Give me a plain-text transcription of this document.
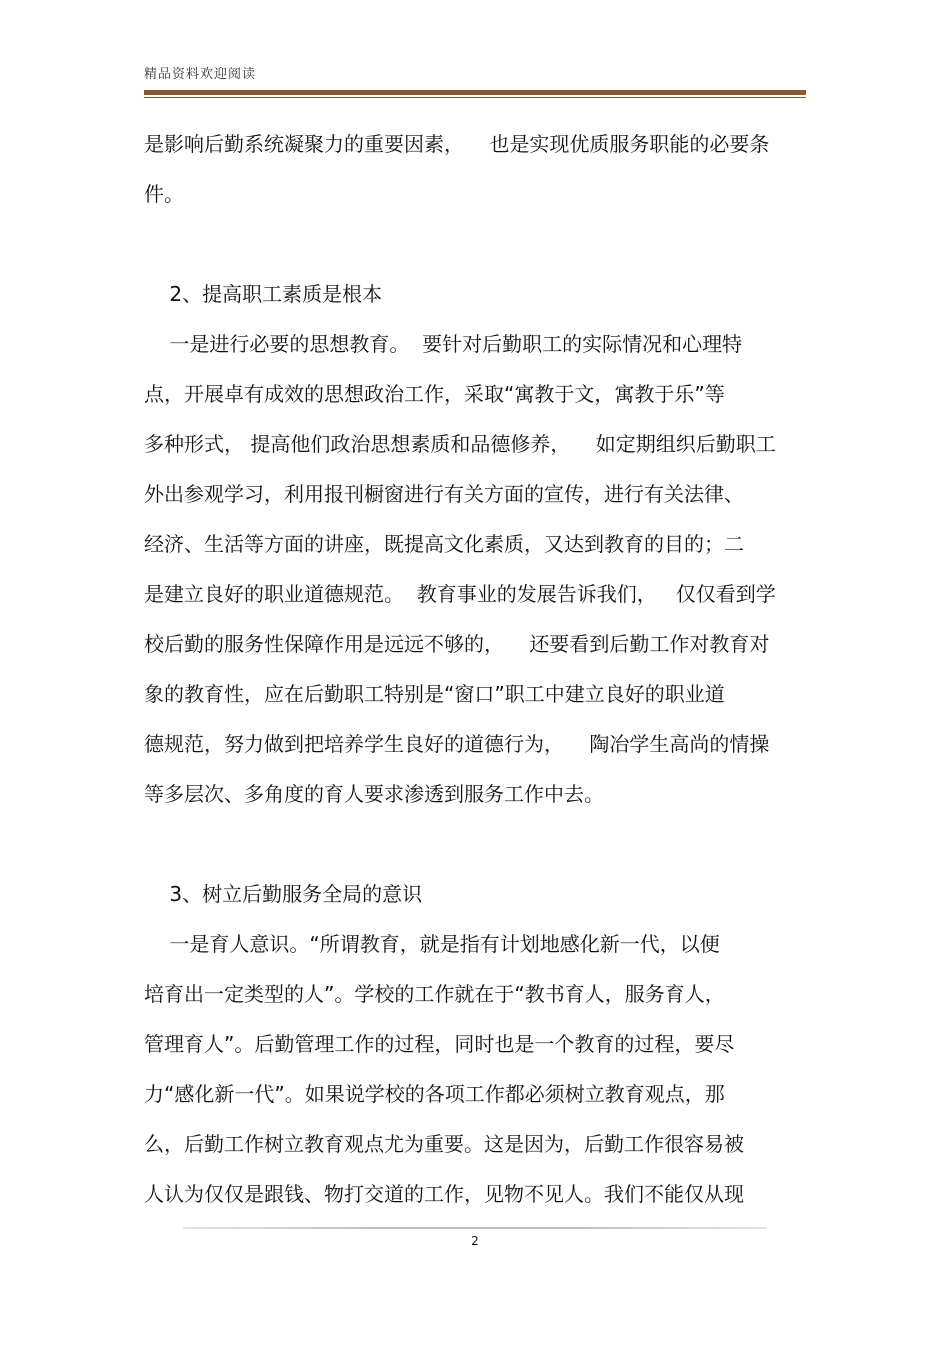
精品资料欢迎阅读
是影响后勤系统凝聚力的重要因素，    也是实现优质服务职能的必要条
件。
2、提高职工素质是根本
一是进行必要的思想教育。  要针对后勤职工的实际情况和心理特
点，开展卓有成效的思想政治工作，采取“寓教于文，寓教于乐”等
多种形式， 提高他们政治思想素质和品德修养，    如定期组织后勤职工
外出参观学习，利用报刊橱窗进行有关方面的宣传，进行有关法律、
经济、生活等方面的讲座，既提高文化素质，又达到教育的目的；二
是建立良好的职业道德规范。  教育事业的发展告诉我们，   仅仅看到学
校后勤的服务性保障作用是远远不够的，    还要看到后勤工作对教育对
象的教育性，应在后勤职工特别是“窗口”职工中建立良好的职业道
德规范，努力做到把培养学生良好的道德行为，    陶冶学生高尚的情操
等多层次、多角度的育人要求渗透到服务工作中去。
3、树立后勤服务全局的意识
一是育人意识。“所谓教育，就是指有计划地感化新一代，以便
培育出一定类型的人”。学校的工作就在于“教书育人，服务育人，
管理育人”。后勤管理工作的过程，同时也是一个教育的过程，要尽
力“感化新一代”。如果说学校的各项工作都必须树立教育观点，那
么，后勤工作树立教育观点尤为重要。这是因为，后勤工作很容易被
人认为仅仅是跟钱、物打交道的工作，见物不见人。我们不能仅从现
2
